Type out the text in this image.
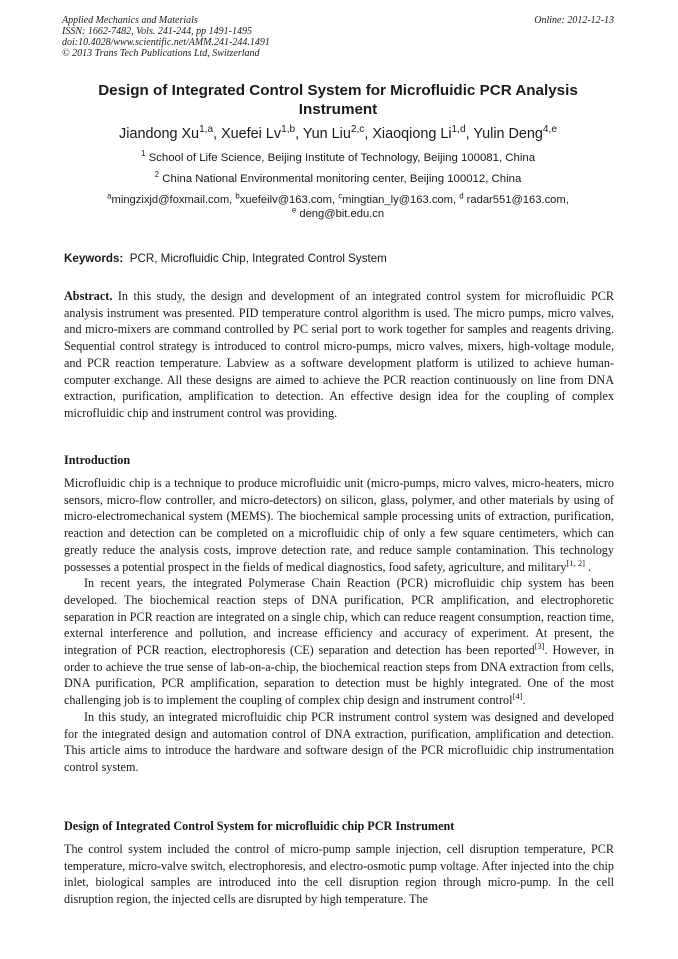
Applied Mechanics and Materials
ISSN: 1662-7482, Vols. 241-244, pp 1491-1495
doi:10.4028/www.scientific.net/AMM.241-244.1491
© 2013 Trans Tech Publications Ltd, Switzerland
Online: 2012-12-13
Design of Integrated Control System for Microfluidic PCR Analysis
Instrument
Jiandong Xu$^{1,a}$, Xuefei Lv$^{1,b}$, Yun Liu$^{2,c}$, Xiaoqiong Li$^{1,d}$, Yulin Deng$^{4,e}$
$^1$ School of Life Science, Beijing Institute of Technology, Beijing 100081, China
$^2$ China National Environmental monitoring center, Beijing 100012, China
$^a$mingzixjd@foxmail.com, $^b$xuefeilv@163.com, $^c$mingtian_ly@163.com, $^d$ radar551@163.com,
$^e$ deng@bit.edu.cn
Keywords: PCR, Microfluidic Chip, Integrated Control System

Abstract. In this study, the design and development of an integrated control system for microfluidic PCR analysis instrument was presented. PID temperature control algorithm is used. The micro pumps, micro valves, and micro-mixers are command controlled by PC serial port to work together for samples and reagents driving. Sequential control strategy is introduced to control micro-pumps, micro valves, mixers, high-voltage module, and PCR reaction temperature. Labview as a software development platform is utilized to achieve human-computer exchange. All these designs are aimed to achieve the PCR reaction continuously on line from DNA extraction, purification, amplification to detection. An effective design idea for the coupling of complex microfluidic chip and instrument control was providing.

Introduction

Microfluidic chip is a technique to produce microfluidic unit (micro-pumps, micro valves, micro-heaters, micro sensors, micro-flow controller, and micro-detectors) on silicon, glass, polymer, and other materials by using of micro-electromechanical system (MEMS). The biochemical sample processing units of extraction, purification, reaction and detection can be completed on a microfluidic chip of only a few square centimeters, which can greatly reduce the analysis costs, improve detection rate, and reduce sample contamination. This technology possesses a potential prospect in the fields of medical diagnostics, food safety, agriculture, and military[1, 2] .

In recent years, the integrated Polymerase Chain Reaction (PCR) microfluidic chip system has been developed. The biochemical reaction steps of DNA purification, PCR amplification, and electrophoretic separation in PCR reaction are integrated on a single chip, which can reduce reagent consumption, reaction time, external interference and pollution, and increase efficiency and accuracy of experiment. At present, the integration of PCR reaction, electrophoresis (CE) separation and detection has been reported[3]. However, in order to achieve the true sense of lab-on-a-chip, the biochemical reaction steps from DNA extraction from cells, DNA purification, PCR amplification, separation to detection must be highly integrated. One of the most challenging job is to implement the coupling of complex chip design and instrument control[4].

In this study, an integrated microfluidic chip PCR instrument control system was designed and developed for the integrated design and automation control of DNA extraction, purification, amplification and detection. This article aims to introduce the hardware and software design of the PCR microfluidic chip instrumentation control system.

Design of Integrated Control System for microfluidic chip PCR Instrument

The control system included the control of micro-pump sample injection, cell disruption temperature, PCR temperature, micro-valve switch, electrophoresis, and electro-osmotic pump voltage. After injected into the chip inlet, biological samples are introduced into the cell disruption region through micro-pump. In the cell disruption region, the injected cells are disrupted by high temperature. The
